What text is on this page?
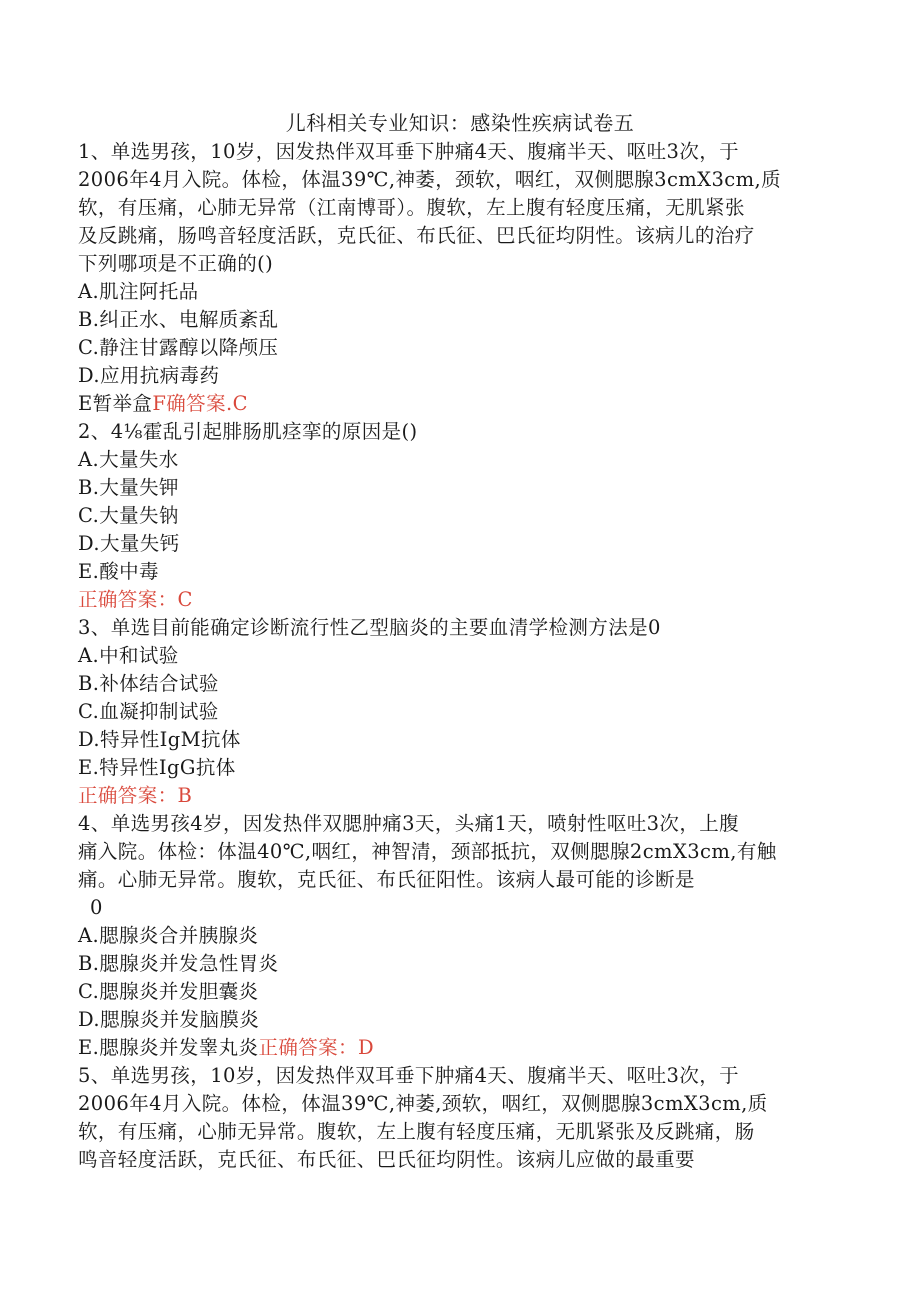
儿科相关专业知识：感染性疾病试卷五
1、单选男孩，10岁，因发热伴双耳垂下肿痛4天、腹痛半天、呕吐3次，于
2006年4月入院。体检，体温39℃,神萎，颈软，咽红，双侧腮腺3cmX3cm,质
软，有压痛，心肺无异常（江南博哥）。腹软，左上腹有轻度压痛，无肌紧张
及反跳痛，肠鸣音轻度活跃，克氏征、布氏征、巴氏征均阴性。该病儿的治疗
下列哪项是不正确的()
A.肌注阿托品
B.纠正水、电解质紊乱
C.静注甘露醇以降颅压
D.应用抗病毒药
E暂举盒F确答案.C
2、4⅛霍乱引起腓肠肌痉挛的原因是()
A.大量失水
B.大量失钾
C.大量失钠
D.大量失钙
E.酸中毒
正确答案：C
3、单选目前能确定诊断流行性乙型脑炎的主要血清学检测方法是0
A.中和试验
B.补体结合试验
C.血凝抑制试验
D.特异性IgM抗体
E.特异性IgG抗体
正确答案：B
4、单选男孩4岁，因发热伴双腮肿痛3天，头痛1天，喷射性呕吐3次，上腹
痛入院。体检：体温40℃,咽红，神智清，颈部抵抗，双侧腮腺2cmX3cm,有触
痛。心肺无异常。腹软，克氏征、布氏征阳性。该病人最可能的诊断是
0
A.腮腺炎合并胰腺炎
B.腮腺炎并发急性胃炎
C.腮腺炎并发胆囊炎
D.腮腺炎并发脑膜炎
E.腮腺炎并发睾丸炎正确答案：D
5、单选男孩，10岁，因发热伴双耳垂下肿痛4天、腹痛半天、呕吐3次，于
2006年4月入院。体检，体温39℃,神萎,颈软，咽红，双侧腮腺3cmX3cm,质
软，有压痛，心肺无异常。腹软，左上腹有轻度压痛，无肌紧张及反跳痛，肠
鸣音轻度活跃，克氏征、布氏征、巴氏征均阴性。该病儿应做的最重要
